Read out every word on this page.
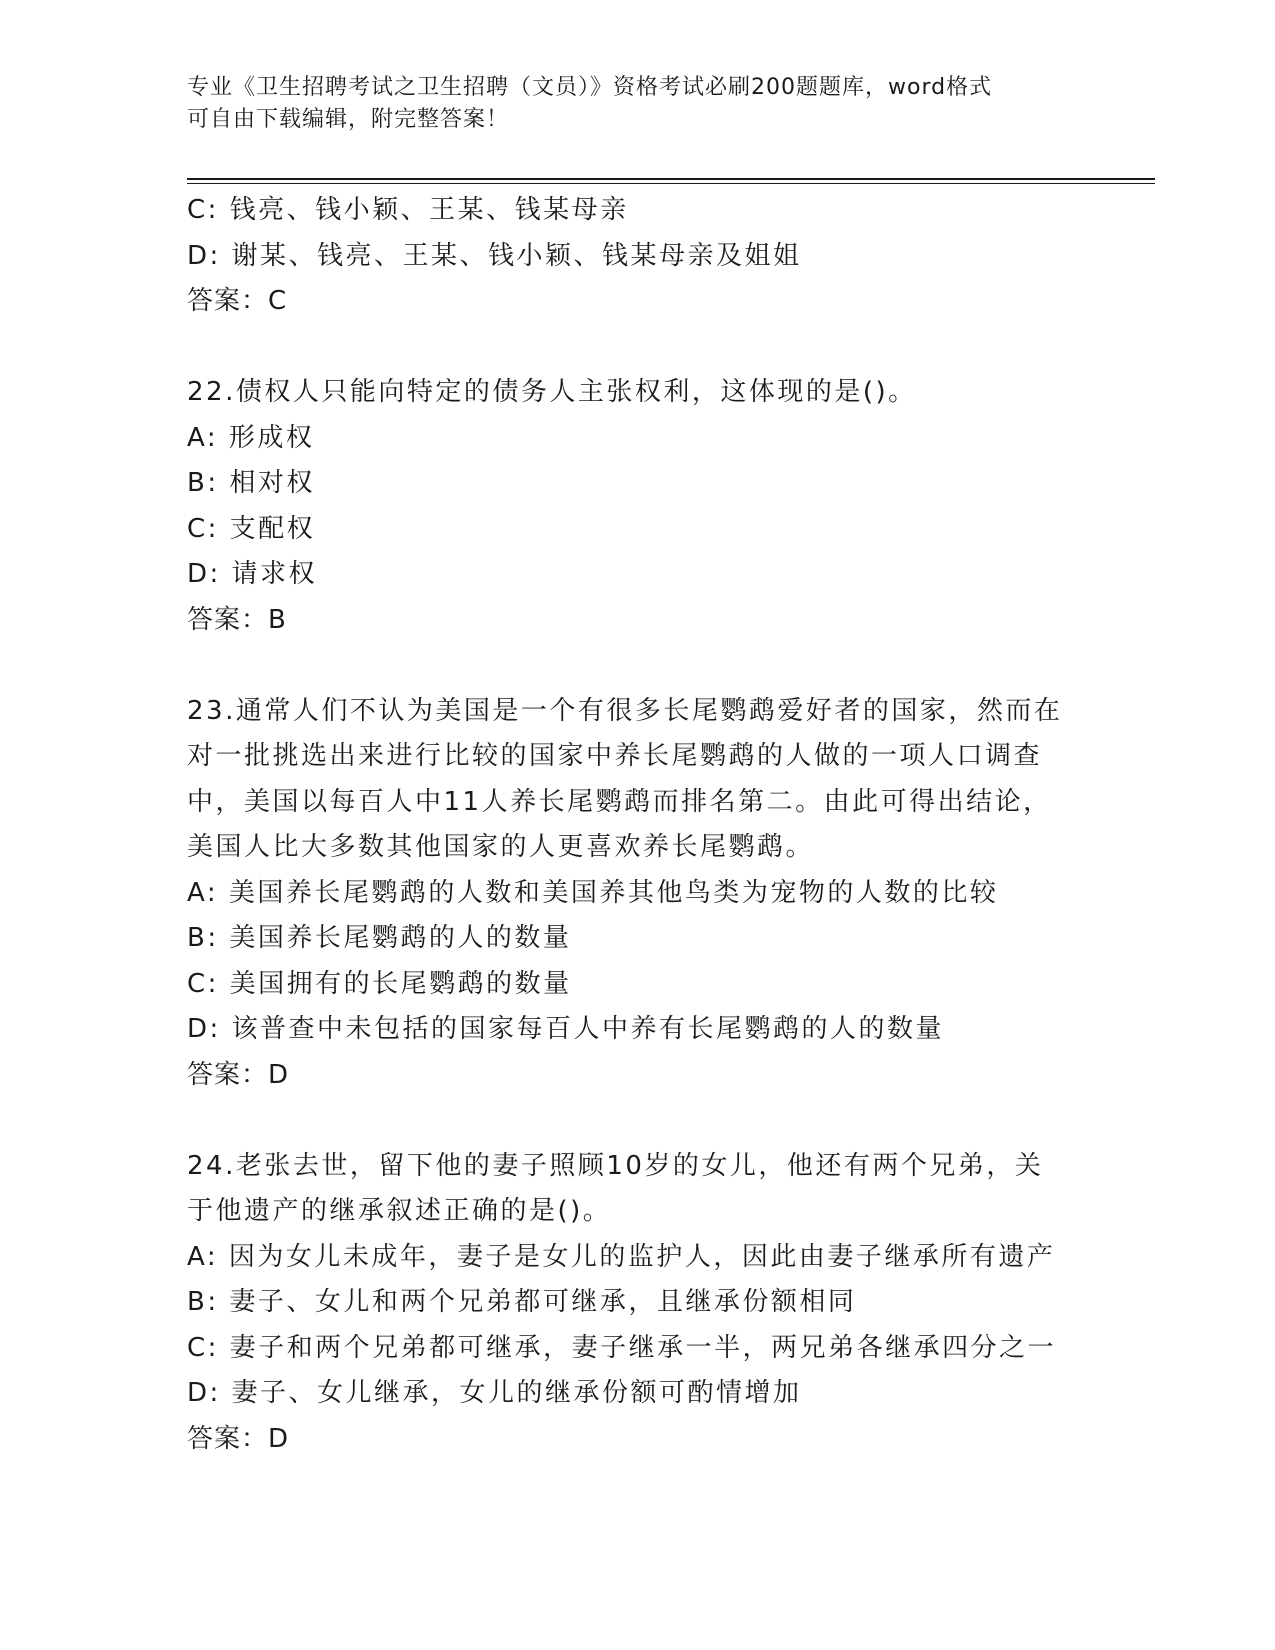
专业《卫生招聘考试之卫生招聘（文员）》资格考试必刷200题题库，word格式
可自由下载编辑，附完整答案！
C: 钱亮、钱小颖、王某、钱某母亲
D: 谢某、钱亮、王某、钱小颖、钱某母亲及姐姐
答案：C
22.债权人只能向特定的债务人主张权利，这体现的是()。
A: 形成权
B: 相对权
C: 支配权
D: 请求权
答案：B
23.通常人们不认为美国是一个有很多长尾鹦鹉爱好者的国家，然而在
对一批挑选出来进行比较的国家中养长尾鹦鹉的人做的一项人口调查
中，美国以每百人中11人养长尾鹦鹉而排名第二。由此可得出结论，
美国人比大多数其他国家的人更喜欢养长尾鹦鹉。
A: 美国养长尾鹦鹉的人数和美国养其他鸟类为宠物的人数的比较
B: 美国养长尾鹦鹉的人的数量
C: 美国拥有的长尾鹦鹉的数量
D: 该普查中未包括的国家每百人中养有长尾鹦鹉的人的数量
答案：D
24.老张去世，留下他的妻子照顾10岁的女儿，他还有两个兄弟，关
于他遗产的继承叙述正确的是()。
A: 因为女儿未成年，妻子是女儿的监护人，因此由妻子继承所有遗产
B: 妻子、女儿和两个兄弟都可继承，且继承份额相同
C: 妻子和两个兄弟都可继承，妻子继承一半，两兄弟各继承四分之一
D: 妻子、女儿继承，女儿的继承份额可酌情增加
答案：D
